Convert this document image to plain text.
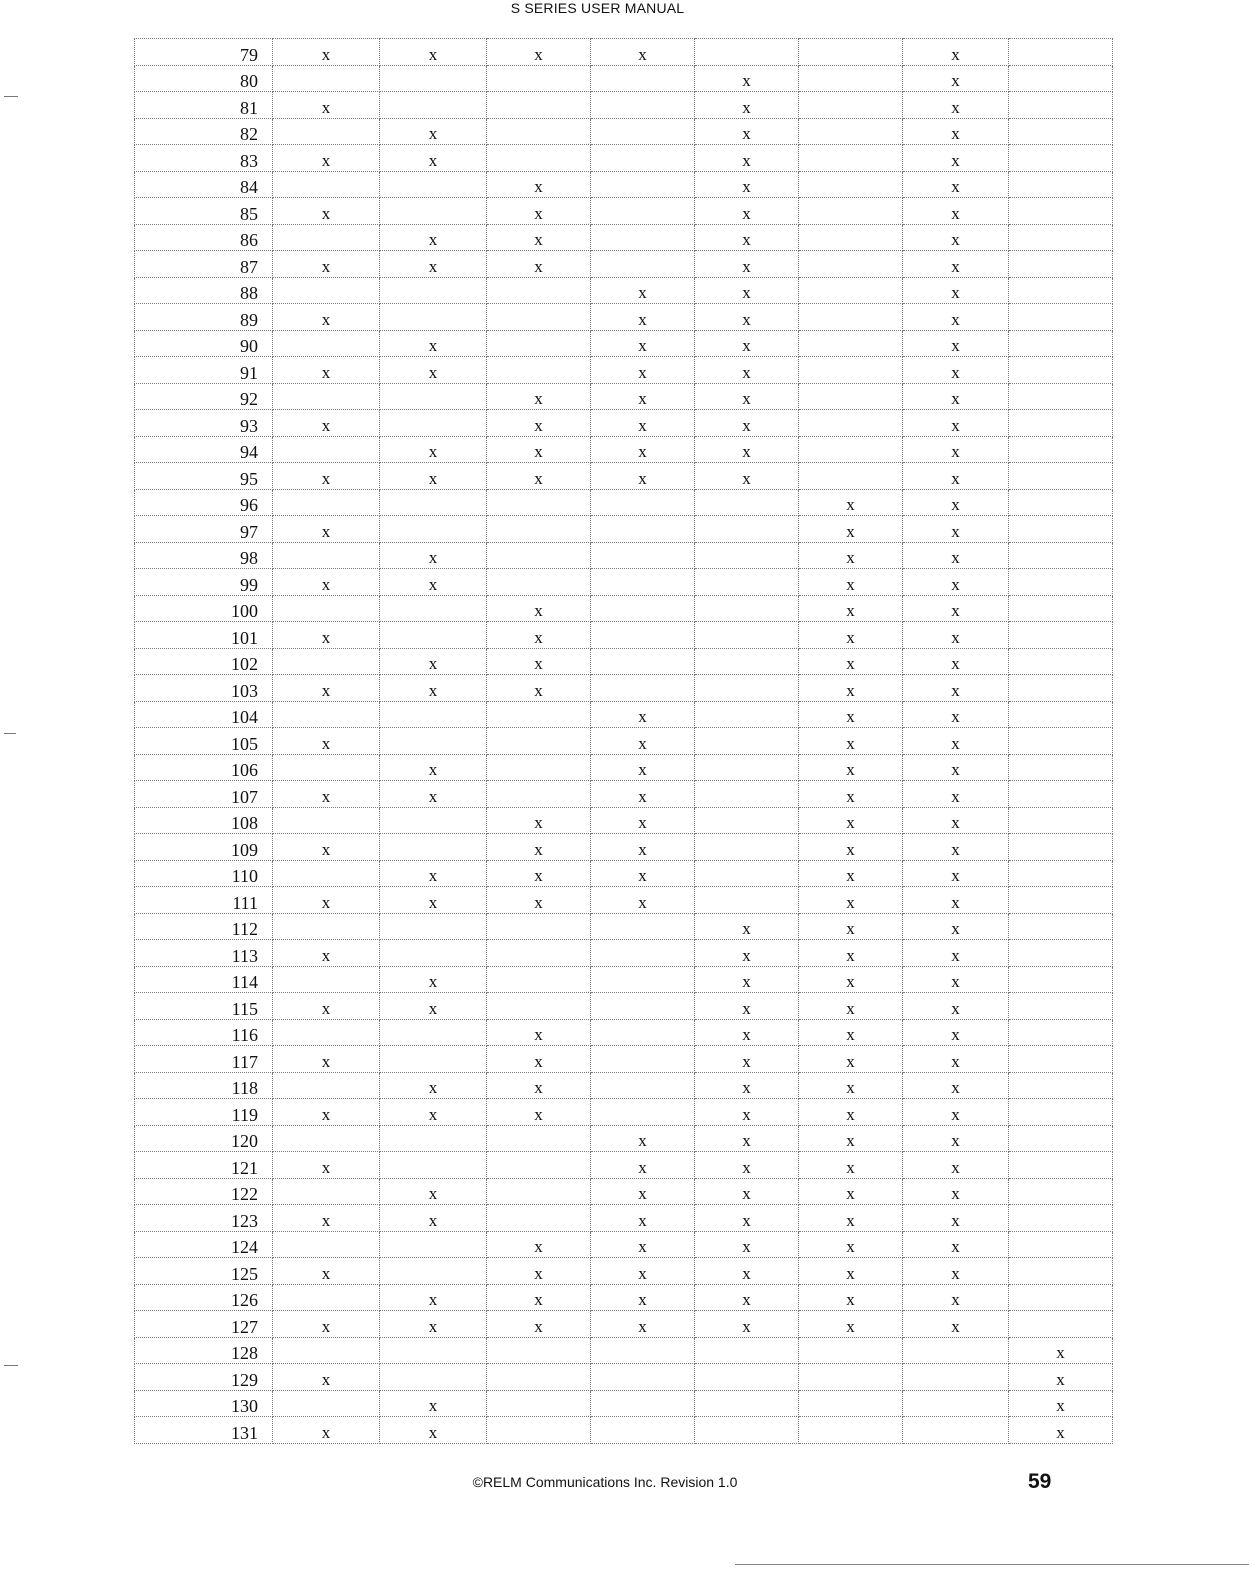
S SERIES USER MANUAL
79	x	x	x	x			x	
80					x		x	
81	x				x		x	
82		x			x		x	
83	x	x			x		x	
84			x		x		x	
85	x		x		x		x	
86		x	x		x		x	
87	x	x	x		x		x	
88				x	x		x	
89	x			x	x		x	
90		x		x	x		x	
91	x	x		x	x		x	
92			x	x	x		x	
93	x		x	x	x		x	
94		x	x	x	x		x	
95	x	x	x	x	x		x	
96						x	x	
97	x					x	x	
98		x				x	x	
99	x	x				x	x	
100			x			x	x	
101	x		x			x	x	
102		x	x			x	x	
103	x	x	x			x	x	
104				x		x	x	
105	x			x		x	x	
106		x		x		x	x	
107	x	x		x		x	x	
108			x	x		x	x	
109	x		x	x		x	x	
110		x	x	x		x	x	
111	x	x	x	x		x	x	
112					x	x	x	
113	x				x	x	x	
114		x			x	x	x	
115	x	x			x	x	x	
116			x		x	x	x	
117	x		x		x	x	x	
118		x	x		x	x	x	
119	x	x	x		x	x	x	
120				x	x	x	x	
121	x			x	x	x	x	
122		x		x	x	x	x	
123	x	x		x	x	x	x	
124			x	x	x	x	x	
125	x		x	x	x	x	x	
126		x	x	x	x	x	x	
127	x	x	x	x	x	x	x	
128								x
129	x							x
130		x						x
131	x	x						x
©RELM Communications Inc. Revision 1.0	59
